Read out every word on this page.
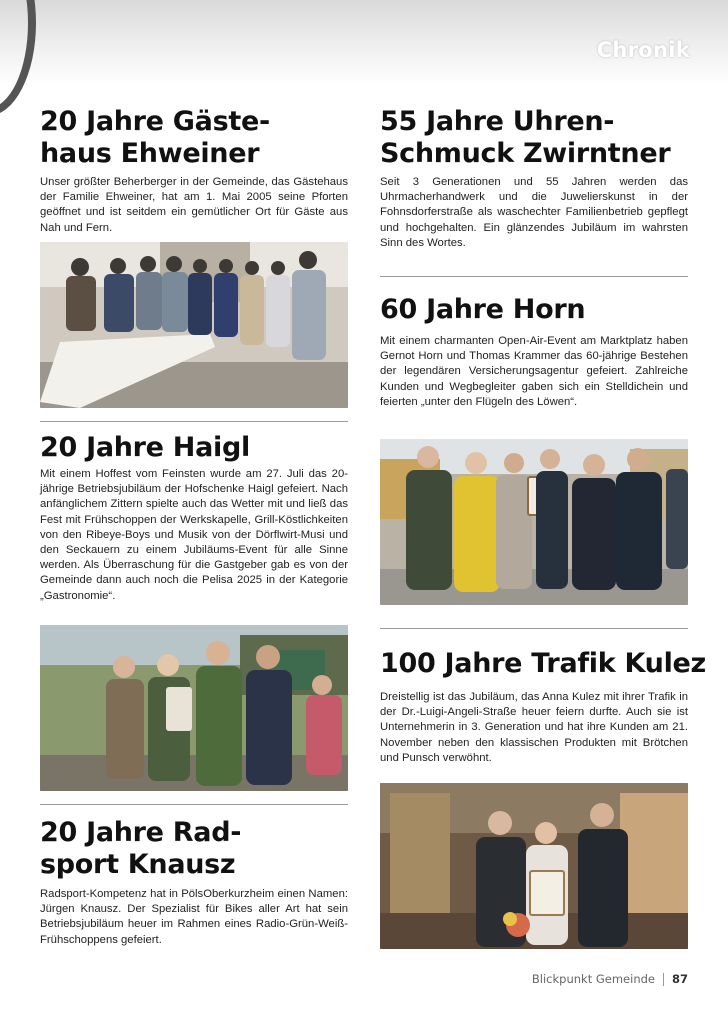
Chronik
20 Jahre Gäste-
haus Ehweiner

Unser größter Beherberger in der Gemeinde, das Gästehaus der Familie Ehweiner, hat am 1. Mai 2005 seine Pforten geöffnet und ist seitdem ein gemütlicher Ort für Gäste aus Nah und Fern.

20 Jahre Haigl

Mit einem Hoffest vom Feinsten wurde am 27. Juli das 20-jährige Betriebsjubiläum der Hofschenke Haigl gefeiert. Nach anfänglichem Zittern spielte auch das Wetter mit und ließ das Fest mit Frühschoppen der Werkskapelle, Grill-Köstlichkeiten von den Ribeye-Boys und Musik von der Dörflwirt-Musi und den Seckauern zu einem Jubiläums-Event für alle Sinne werden. Als Überraschung für die Gastgeber gab es von der Gemeinde dann auch noch die Pelisa 2025 in der Kategorie „Gastronomie“.

20 Jahre Rad-
sport Knausz

Radsport-Kompetenz hat in PölsOberkurzheim einen Namen: Jürgen Knausz. Der Spezialist für Bikes aller Art hat sein Betriebsjubiläum heuer im Rahmen eines Radio-Grün-Weiß-Frühschoppens gefeiert.

55 Jahre Uhren-
Schmuck Zwirntner

Seit 3 Generationen und 55 Jahren werden das Uhrmacherhandwerk und die Juwelierskunst in der Fohnsdorferstraße als waschechter Familienbetrieb gepflegt und hochgehalten. Ein glänzendes Jubiläum im wahrsten Sinn des Wortes.

60 Jahre Horn

Mit einem charmanten Open-Air-Event am Marktplatz haben Gernot Horn und Thomas Krammer das 60-jährige Bestehen der legendären Versicherungsagentur gefeiert. Zahlreiche Kunden und Wegbegleiter gaben sich ein Stelldichein und feierten „unter den Flügeln des Löwen“.

100 Jahre Trafik Kulez

Dreistellig ist das Jubiläum, das Anna Kulez mit ihrer Trafik in der Dr.-Luigi-Angeli-Straße heuer feiern durfte. Auch sie ist Unternehmerin in 3. Generation und hat ihre Kunden am 21. November neben den klassischen Produkten mit Brötchen und Punsch verwöhnt.

Blickpunkt Gemeinde 87
